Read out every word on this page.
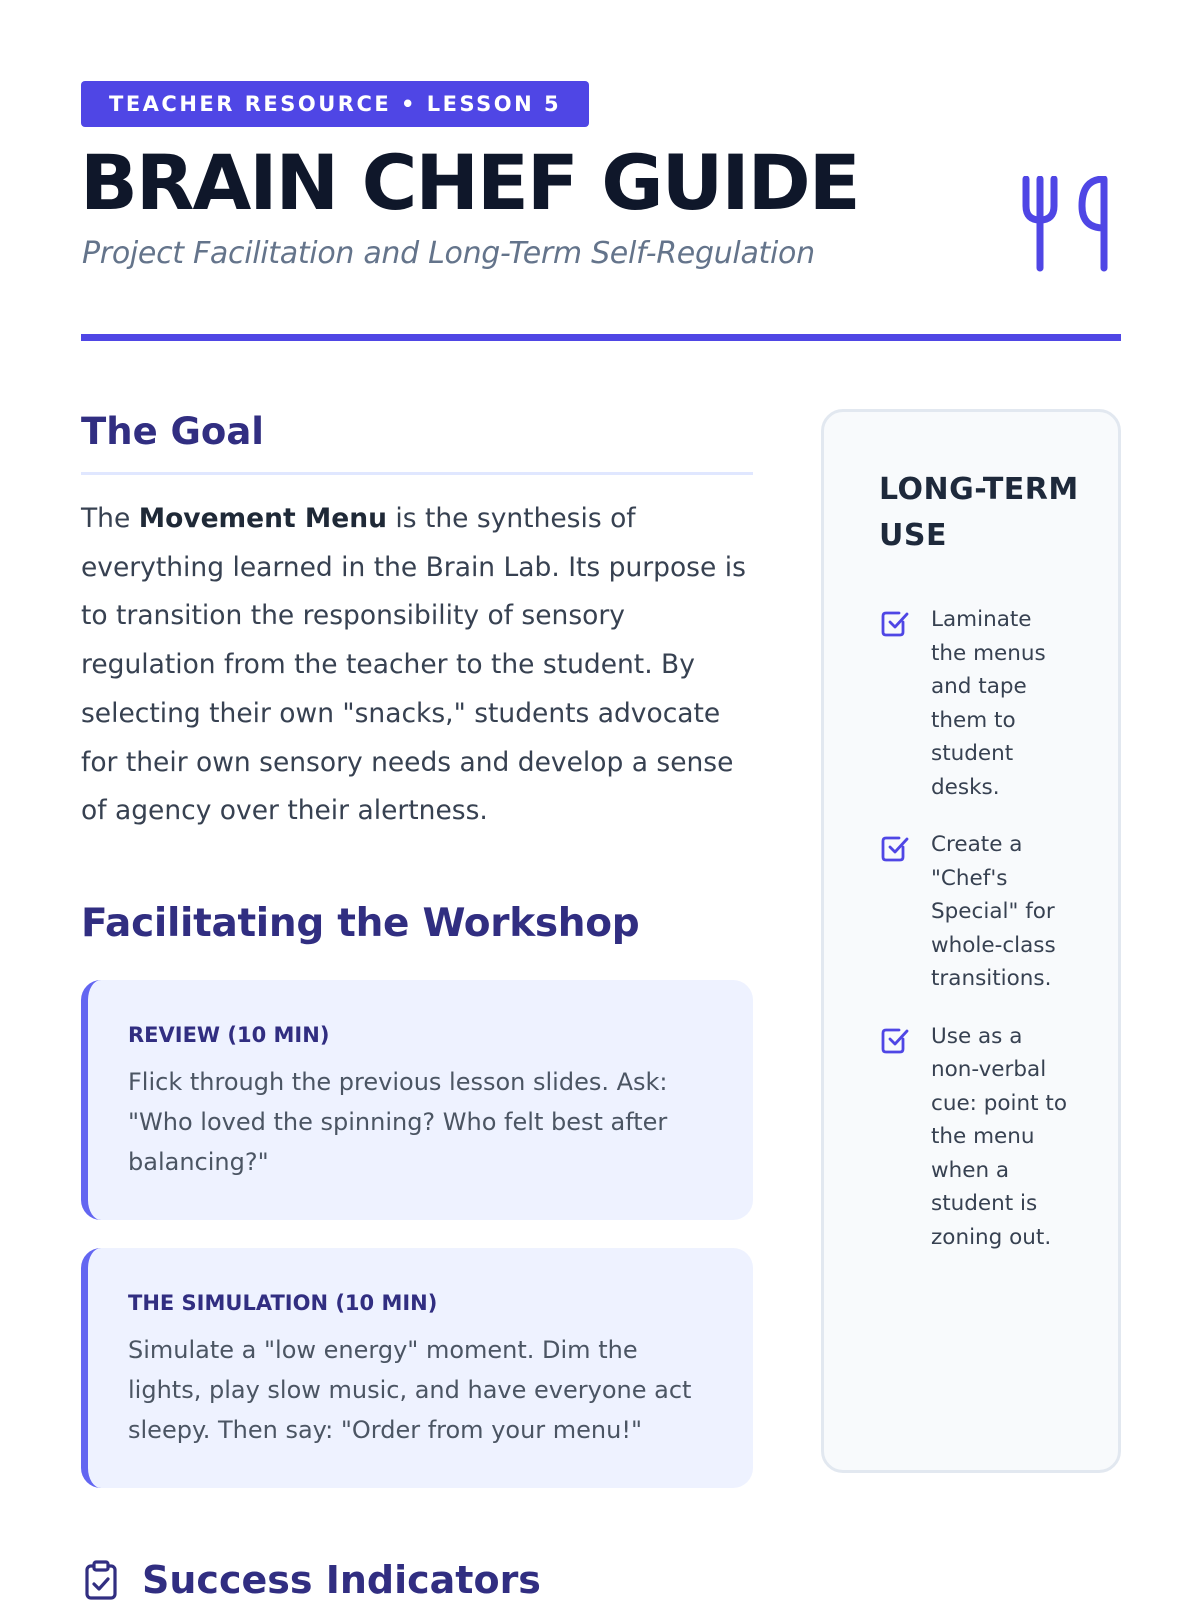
TEACHER RESOURCE • LESSON 5
BRAIN CHEF GUIDE
Project Facilitation and Long-Term Self-Regulation
The Goal

The Movement Menu is the synthesis of everything learned in the Brain Lab. Its purpose is to transition the responsibility of sensory regulation from the teacher to the student. By selecting their own "snacks," students advocate for their own sensory needs and develop a sense of agency over their alertness.

Facilitating the Workshop
REVIEW (10 MIN)
Flick through the previous lesson slides. Ask: "Who loved the spinning? Who felt best after balancing?"
THE SIMULATION (10 MIN)
Simulate a "low energy" moment. Dim the lights, play slow music, and have everyone act sleepy. Then say: "Order from your menu!"
LONG-TERM USE
Laminate the menus and tape them to student desks.
Create a "Chef's Special" for whole-class transitions.
Use as a non-verbal cue: point to the menu when a student is zoning out.
Success Indicators
